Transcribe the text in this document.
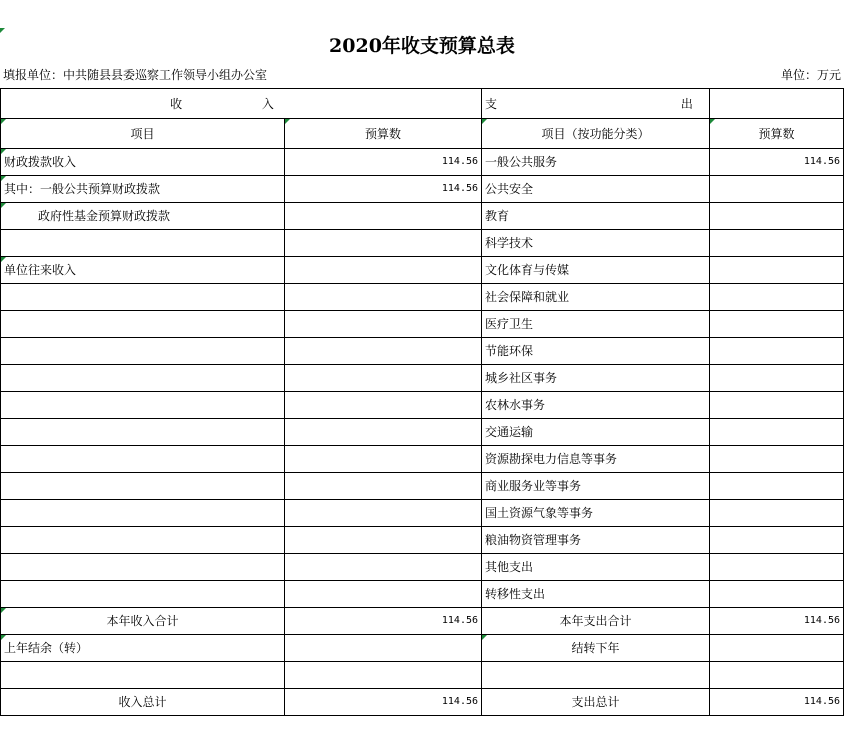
2020年收支预算总表
填报单位：中共随县县委巡察工作领导小组办公室	单位：万元
收 入		支 出	
项目	预算数	项目（按功能分类）	预算数
财政拨款收入	114.56	一般公共服务	114.56
其中：一般公共预算财政拨款	114.56	公共安全	
政府性基金预算财政拨款		教育	
		科学技术	
单位往来收入		文化体育与传媒	
		社会保障和就业	
		医疗卫生	
		节能环保	
		城乡社区事务	
		农林水事务	
		交通运输	
		资源勘探电力信息等事务	
		商业服务业等事务	
		国土资源气象等事务	
		粮油物资管理事务	
		其他支出	
		转移性支出	
本年收入合计	114.56	本年支出合计	114.56
上年结余（转）		结转下年	

收入总计	114.56	支出总计	114.56
